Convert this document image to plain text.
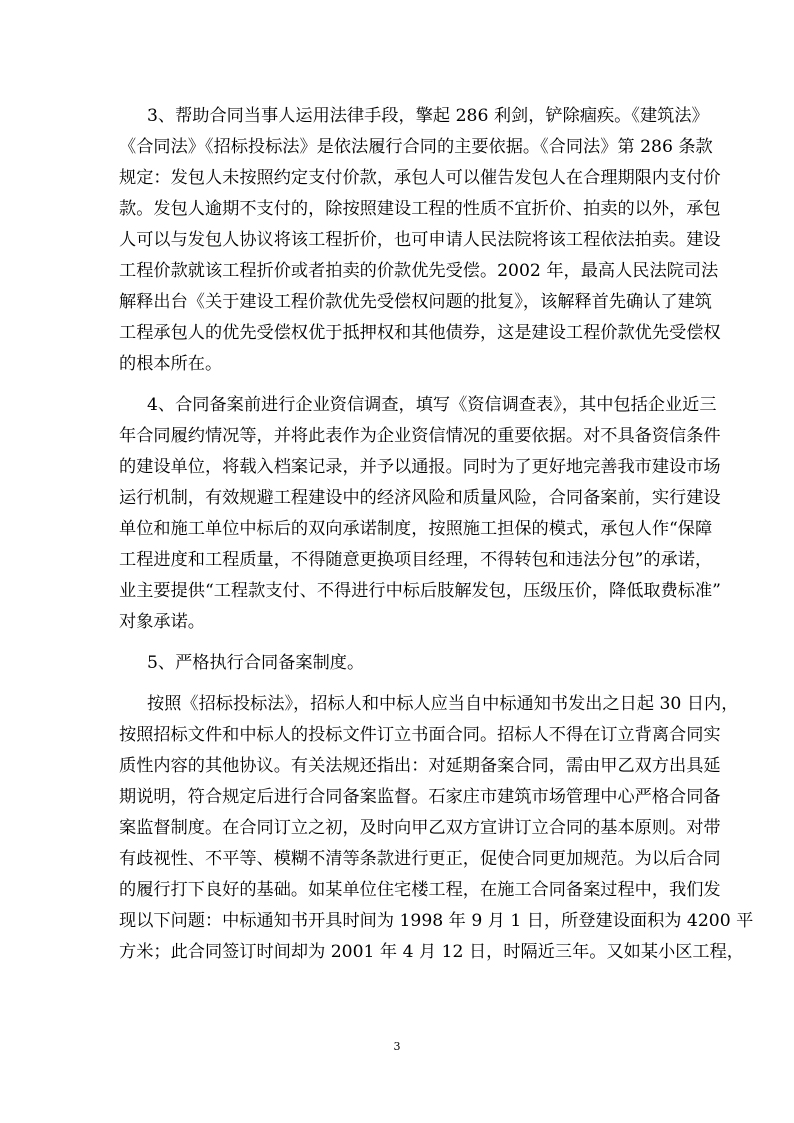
3、帮助合同当事人运用法律手段，擎起 286 利剑，铲除痼疾。《建筑法》
《合同法》《招标投标法》是依法履行合同的主要依据。《合同法》第 286 条款
规定：发包人未按照约定支付价款，承包人可以催告发包人在合理期限内支付价
款。发包人逾期不支付的，除按照建设工程的性质不宜折价、拍卖的以外，承包
人可以与发包人协议将该工程折价，也可申请人民法院将该工程依法拍卖。建设
工程价款就该工程折价或者拍卖的价款优先受偿。2002 年，最高人民法院司法
解释出台《关于建设工程价款优先受偿权问题的批复》，该解释首先确认了建筑
工程承包人的优先受偿权优于抵押权和其他债券，这是建设工程价款优先受偿权
的根本所在。
4、合同备案前进行企业资信调查，填写《资信调查表》，其中包括企业近三
年合同履约情况等，并将此表作为企业资信情况的重要依据。对不具备资信条件
的建设单位，将载入档案记录，并予以通报。同时为了更好地完善我市建设市场
运行机制，有效规避工程建设中的经济风险和质量风险，合同备案前，实行建设
单位和施工单位中标后的双向承诺制度，按照施工担保的模式，承包人作“保障
工程进度和工程质量，不得随意更换项目经理，不得转包和违法分包”的承诺，
业主要提供“工程款支付、不得进行中标后肢解发包，压级压价，降低取费标准”
对象承诺。
5、严格执行合同备案制度。
按照《招标投标法》，招标人和中标人应当自中标通知书发出之日起 30 日内，
按照招标文件和中标人的投标文件订立书面合同。招标人不得在订立背离合同实
质性内容的其他协议。有关法规还指出：对延期备案合同，需由甲乙双方出具延
期说明，符合规定后进行合同备案监督。石家庄市建筑市场管理中心严格合同备
案监督制度。在合同订立之初，及时向甲乙双方宣讲订立合同的基本原则。对带
有歧视性、不平等、模糊不清等条款进行更正，促使合同更加规范。为以后合同
的履行打下良好的基础。如某单位住宅楼工程，在施工合同备案过程中，我们发
现以下问题：中标通知书开具时间为 1998 年 9 月 1 日，所登建设面积为 4200 平
方米；此合同签订时间却为 2001 年 4 月 12 日，时隔近三年。又如某小区工程，
3
